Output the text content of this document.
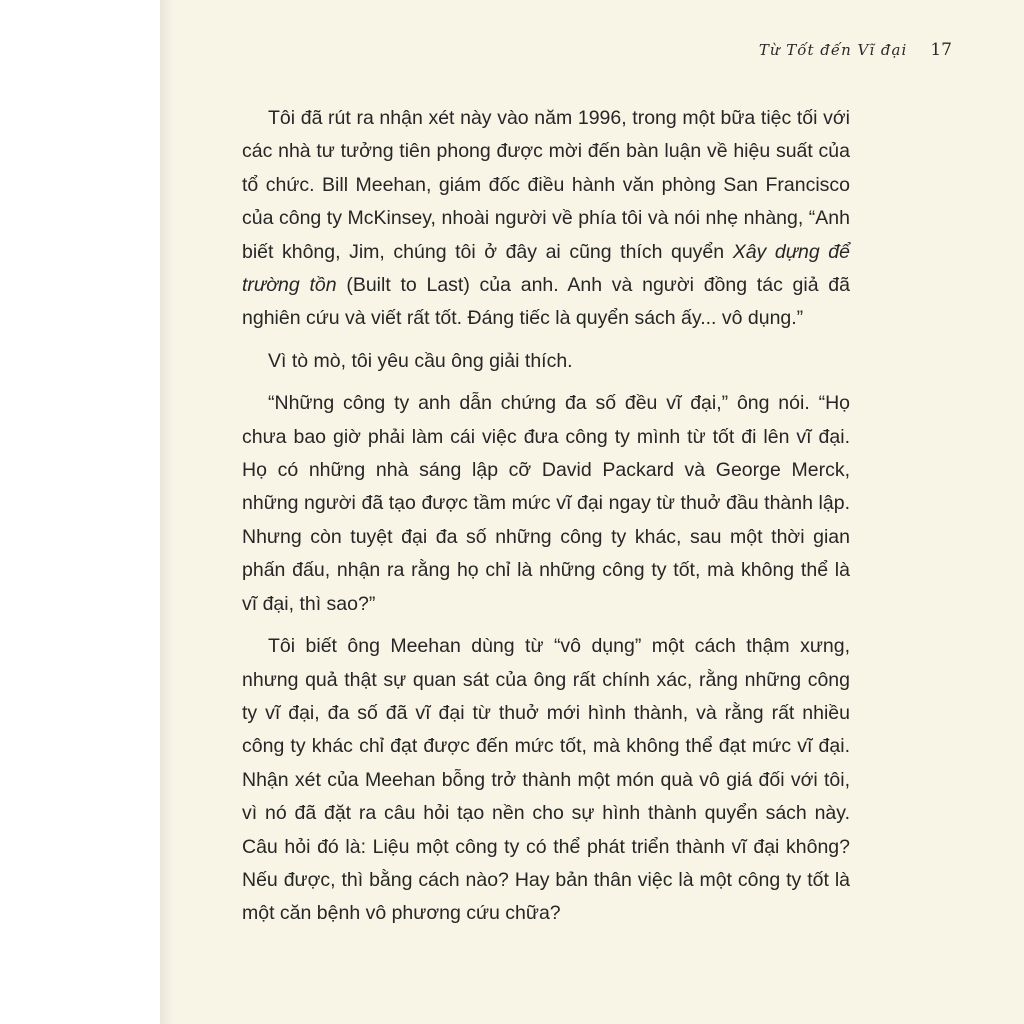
Từ Tốt đến Vĩ đại 17

Tôi đã rút ra nhận xét này vào năm 1996, trong một bữa tiệc tối với các nhà tư tưởng tiên phong được mời đến bàn luận về hiệu suất của tổ chức. Bill Meehan, giám đốc điều hành văn phòng San Francisco của công ty McKinsey, nhoài người về phía tôi và nói nhẹ nhàng, “Anh biết không, Jim, chúng tôi ở đây ai cũng thích quyển Xây dựng để trường tồn (Built to Last) của anh. Anh và người đồng tác giả đã nghiên cứu và viết rất tốt. Đáng tiếc là quyển sách ấy... vô dụng.”

Vì tò mò, tôi yêu cầu ông giải thích.

“Những công ty anh dẫn chứng đa số đều vĩ đại,” ông nói. “Họ chưa bao giờ phải làm cái việc đưa công ty mình từ tốt đi lên vĩ đại. Họ có những nhà sáng lập cỡ David Packard và George Merck, những người đã tạo được tầm mức vĩ đại ngay từ thuở đầu thành lập. Nhưng còn tuyệt đại đa số những công ty khác, sau một thời gian phấn đấu, nhận ra rằng họ chỉ là những công ty tốt, mà không thể là vĩ đại, thì sao?”

Tôi biết ông Meehan dùng từ “vô dụng” một cách thậm xưng, nhưng quả thật sự quan sát của ông rất chính xác, rằng những công ty vĩ đại, đa số đã vĩ đại từ thuở mới hình thành, và rằng rất nhiều công ty khác chỉ đạt được đến mức tốt, mà không thể đạt mức vĩ đại. Nhận xét của Meehan bỗng trở thành một món quà vô giá đối với tôi, vì nó đã đặt ra câu hỏi tạo nền cho sự hình thành quyển sách này. Câu hỏi đó là: Liệu một công ty có thể phát triển thành vĩ đại không? Nếu được, thì bằng cách nào? Hay bản thân việc là một công ty tốt là một căn bệnh vô phương cứu chữa?
